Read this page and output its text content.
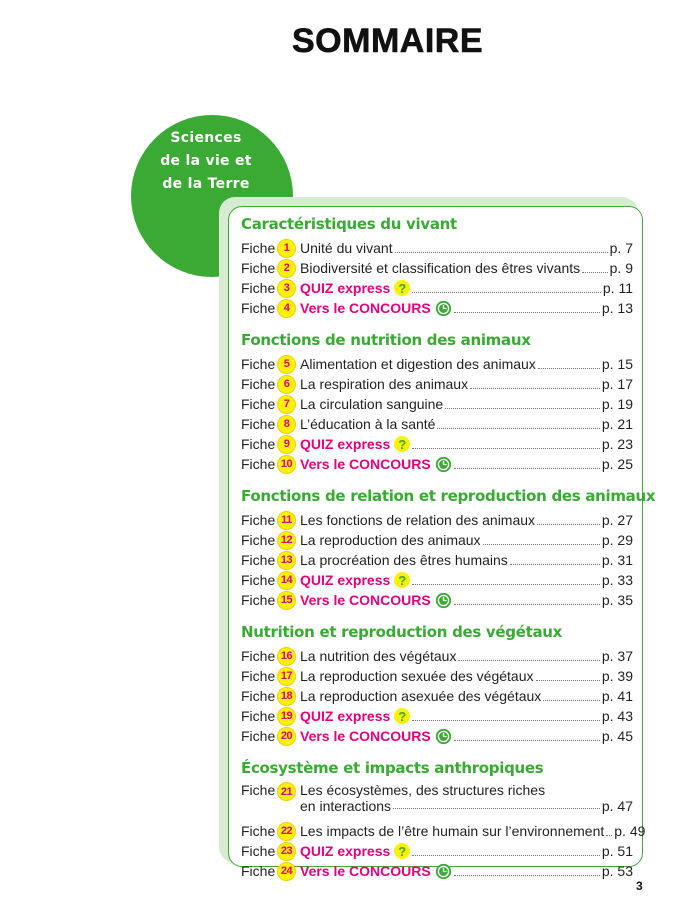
SOMMAIRE
Sciences
de la vie et
de la Terre
Caractéristiques du vivant
Fiche 1 Unité du vivant	p. 7
Fiche 2 Biodiversité et classification des êtres vivants p. 9
Fiche 3 QUIZ express ?	p. 11
Fiche 4 Vers le CONCOURS	p. 13
Fonctions de nutrition des animaux
Fiche 5 Alimentation et digestion des animaux	p. 15
Fiche 6 La respiration des animaux	p. 17
Fiche 7 La circulation sanguine	p. 19
Fiche 8 L’éducation à la santé	p. 21
Fiche 9 QUIZ express ?	p. 23
Fiche 10 Vers le CONCOURS	p. 25
Fonctions de relation et reproduction des animaux
Fiche 11 Les fonctions de relation des animaux	p. 27
Fiche 12 La reproduction des animaux	p. 29
Fiche 13 La procréation des êtres humains	p. 31
Fiche 14 QUIZ express ?	p. 33
Fiche 15 Vers le CONCOURS	p. 35
Nutrition et reproduction des végétaux
Fiche 16 La nutrition des végétaux	p. 37
Fiche 17 La reproduction sexuée des végétaux	p. 39
Fiche 18 La reproduction asexuée des végétaux	p. 41
Fiche 19 QUIZ express ?	p. 43
Fiche 20 Vers le CONCOURS	p. 45
Écosystème et impacts anthropiques
Fiche 21 Les écosystèmes, des structures riches
en interactions	p. 47
Fiche 22 Les impacts de l’être humain sur l’environnement p. 49
Fiche 23 QUIZ express ?	p. 51
Fiche 24 Vers le CONCOURS	p. 53
3
